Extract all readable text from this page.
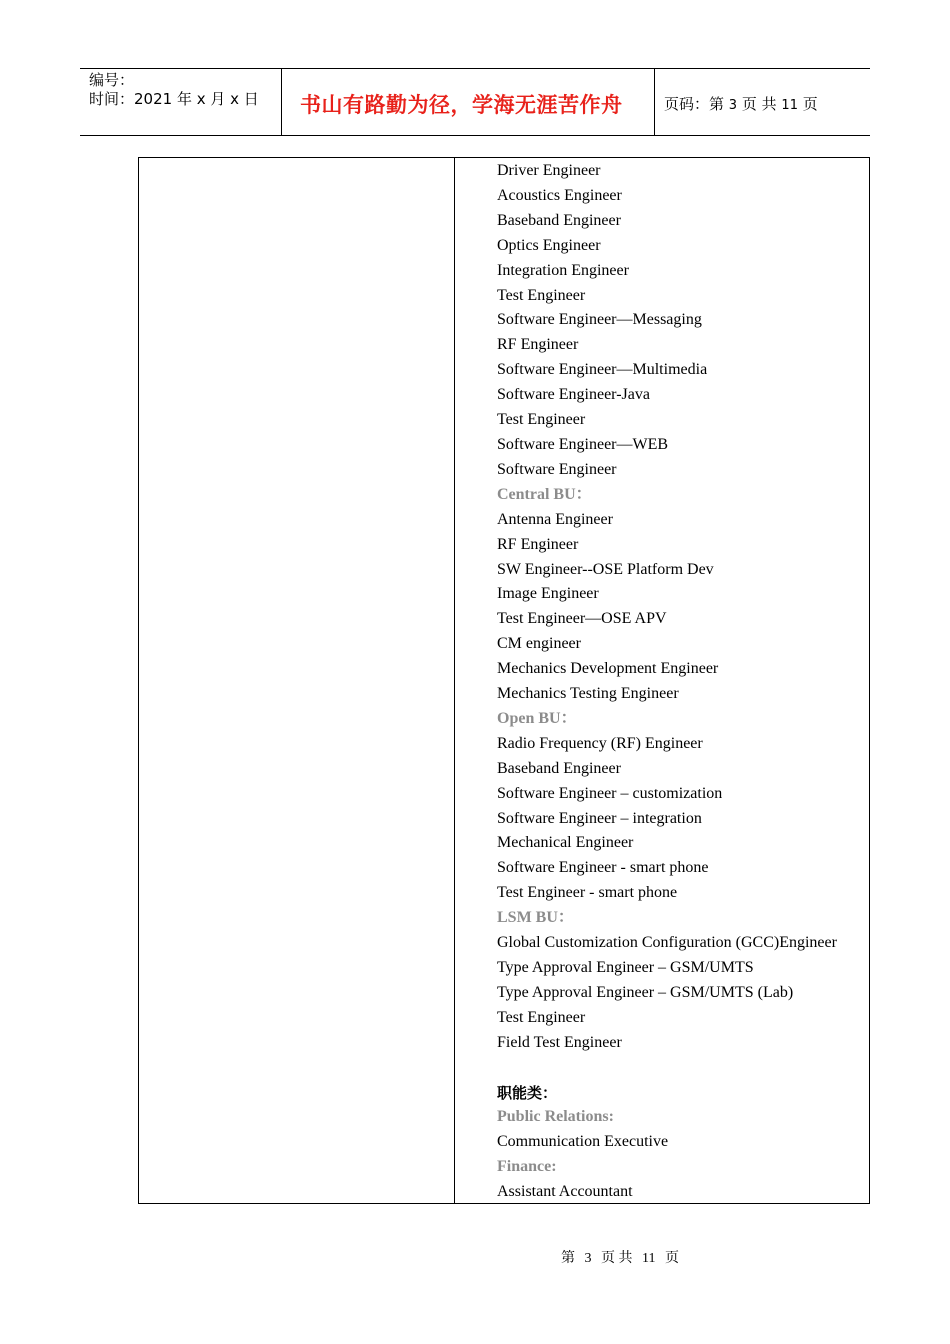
编号：
时间：2021 年 x 月 x 日 书山有路勤为径，学海无涯苦作舟	页码：第 3 页 共 11 页
Driver Engineer
Acoustics Engineer
Baseband Engineer
Optics Engineer
Integration Engineer
Test Engineer
Software Engineer—Messaging
RF Engineer
Software Engineer—Multimedia
Software Engineer-Java
Test Engineer
Software Engineer—WEB
Software Engineer
Central BU：
Antenna Engineer
RF Engineer
SW Engineer--OSE Platform Dev
Image Engineer
Test Engineer—OSE APV
CM engineer
Mechanics Development Engineer
Mechanics Testing Engineer
Open BU：
Radio Frequency (RF) Engineer
Baseband Engineer
Software Engineer – customization
Software Engineer – integration
Mechanical Engineer
Software Engineer - smart phone
Test Engineer - smart phone
LSM BU：
Global Customization Configuration (GCC)Engineer
Type Approval Engineer – GSM/UMTS
Type Approval Engineer – GSM/UMTS (Lab)
Test Engineer
Field Test Engineer
职能类：
Public Relations:
Communication Executive
Finance:
Assistant Accountant
第 3 页 共 11 页
